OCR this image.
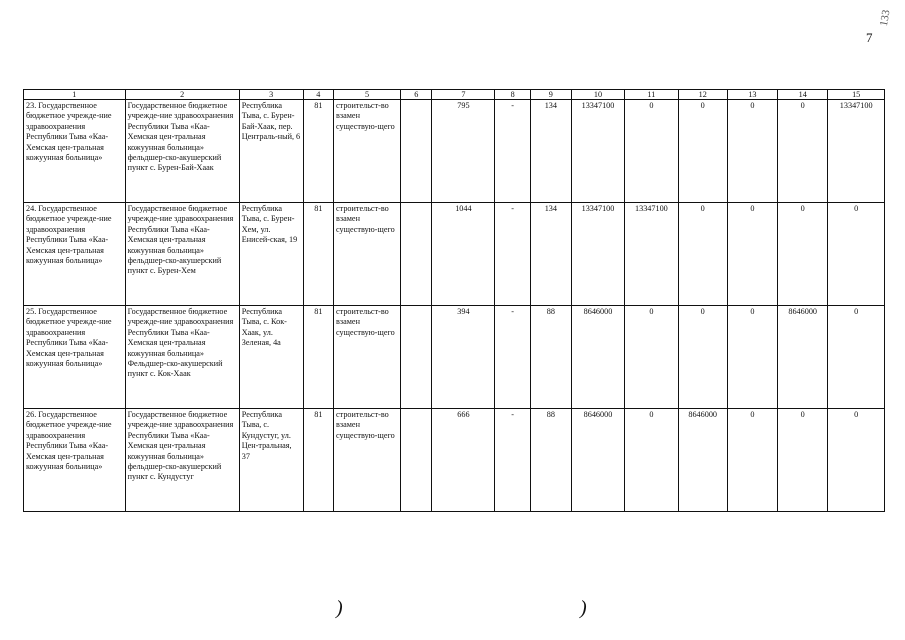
133
7
1	2	3	4	5	6	7	8	9	10	11	12	13	14	15
23. Государственное бюджетное учрежде-ние здравоохранения Республики Тыва «Каа-Хемская цен-тральная кожуунная больница»	Государственное бюджетное учрежде-ние здравоохранения Республики Тыва «Каа-Хемская цен-тральная кожуунная больница» фельдшер-ско-акушерский пункт с. Бурен-Бай-Хаак	Республика Тыва, с. Бурен-Бай-Хаак, пер. Централь-ный, 6	81	строительст-во взамен существую-щего		795	-	134	13347100	0	0	0	0	13347100
24. Государственное бюджетное учрежде-ние здравоохранения Республики Тыва «Каа-Хемская цен-тральная кожуунная больница»	Государственное бюджетное учрежде-ние здравоохранения Республики Тыва «Каа-Хемская цен-тральная кожуунная больница» фельдшер-ско-акушерский пункт с. Бурен-Хем	Республика Тыва, с. Бурен-Хем, ул. Енисей-ская, 19	81	строительст-во взамен существую-щего		1044	-	134	13347100	13347100	0	0	0	0
25. Государственное бюджетное учрежде-ние здравоохранения Республики Тыва «Каа-Хемская цен-тральная кожуунная больница»	Государственное бюджетное учрежде-ние здравоохранения Республики Тыва «Каа-Хемская цен-тральная кожуунная больница» Фельдшер-ско-акушерский пункт с. Кок-Хаак	Республика Тыва, с. Кок-Хаак, ул. Зеленая, 4а	81	строительст-во взамен существую-щего		394	-	88	8646000	0	0	0	8646000	0
26. Государственное бюджетное учрежде-ние здравоохранения Республики Тыва «Каа-Хемская цен-тральная кожуунная больница»	Государственное бюджетное учрежде-ние здравоохранения Республики Тыва «Каа-Хемская цен-тральная кожуунная больница» фельдшер-ско-акушерский пункт с. Кундустуг	Республика Тыва, с. Кундустуг, ул. Цен-тральная, 37	81	строительст-во взамен существую-щего		666	-	88	8646000	0	8646000	0	0	0
)	)
